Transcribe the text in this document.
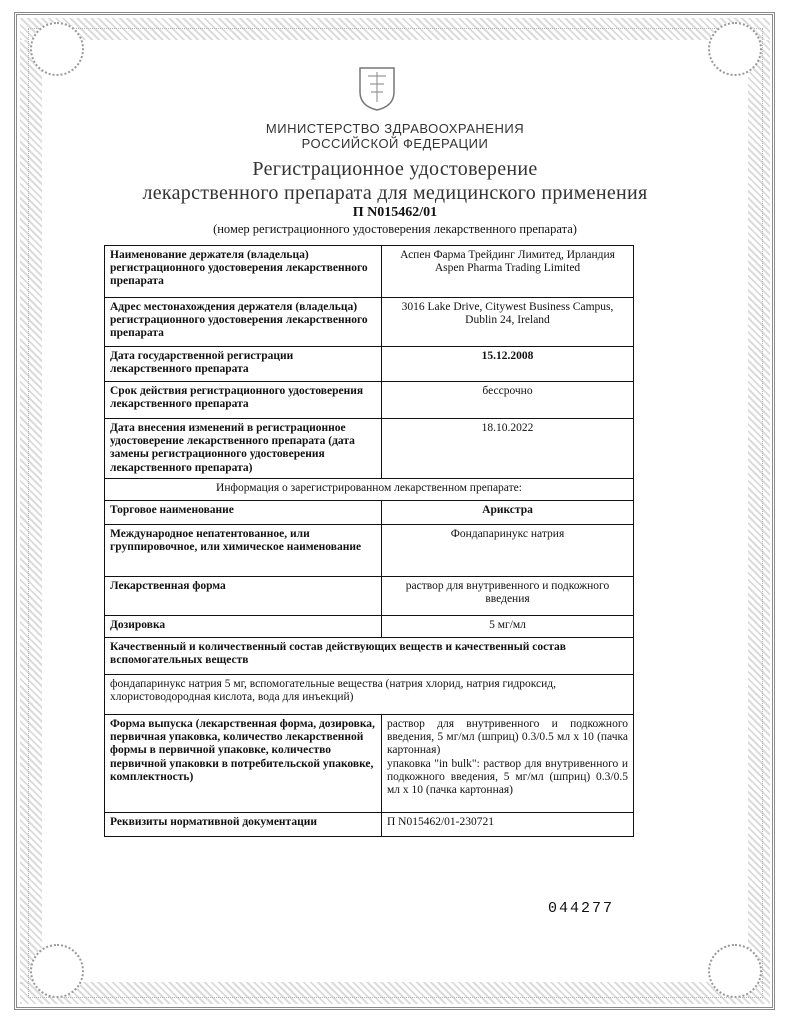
МИНИСТЕРСТВО ЗДРАВООХРАНЕНИЯ
РОССИЙСКОЙ ФЕДЕРАЦИИ
Регистрационное удостоверение
лекарственного препарата для медицинского применения
П N015462/01
(номер регистрационного удостоверения лекарственного препарата)
Наименование держателя (владельца) регистрационного удостоверения лекарственного препарата	Аспен Фарма Трейдинг Лимитед, Ирландия
Aspen Pharma Trading Limited

Адрес местонахождения держателя (владельца) регистрационного удостоверения лекарственного препарата	3016 Lake Drive, Citywest Business Campus,
Dublin 24, Ireland

Дата государственной регистрации лекарственного препарата	15.12.2008
Срок действия регистрационного удостоверения лекарственного препарата	бессрочно
Дата внесения изменений в регистрационное удостоверение лекарственного препарата (дата замены регистрационного удостоверения лекарственного препарата)	18.10.2022
Информация о зарегистрированном лекарственном препарате:	
Торговое наименование	Арикстра
Международное непатентованное, или группировочное, или химическое наименование	Фондапаринукс натрия
Лекарственная форма	раствор для внутривенного и подкожного введения
Дозировка	5 мг/мл
Качественный и количественный состав действующих веществ и качественный состав вспомогательных веществ	
фондапаринукс натрия 5 мг, вспомогательные вещества (натрия хлорид, натрия гидроксид, хлористоводородная кислота, вода для инъекций)	
Форма выпуска (лекарственная форма, дозировка, первичная упаковка, количество лекарственной формы в первичной упаковке, количество первичной упаковки в потребительской упаковке, комплектность)	раствор для внутривенного и подкожного введения, 5 мг/мл (шприц) 0.3/0.5 мл x 10 (пачка картонная)
упаковка "in bulk": раствор для внутривенного и подкожного введения, 5 мг/мл (шприц) 0.3/0.5 мл x 10 (пачка картонная)

Реквизиты нормативной документации	П N015462/01-230721
044277
